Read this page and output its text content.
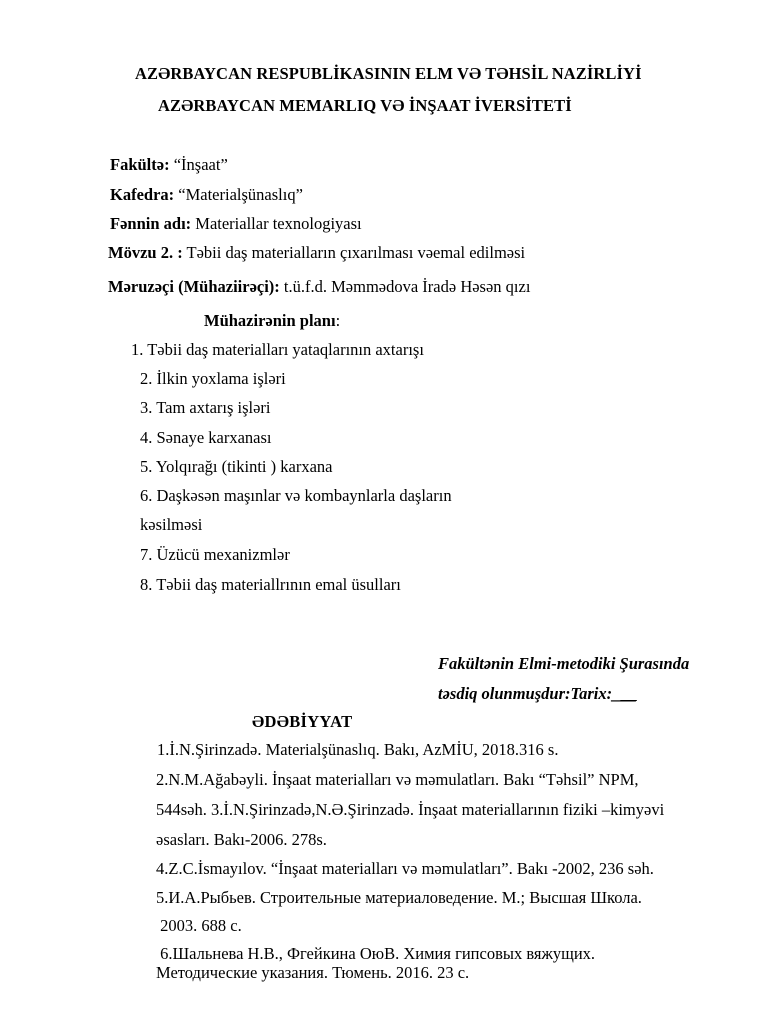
AZƏRBAYCAN RESPUBLİKASININ ELM VƏ TƏHSİL NAZİRLİYİ
AZƏRBAYCAN MEMARLIQ VƏ İNŞAAT İVERSİTETİ
Fakültə: “İnşaat”
Kafedra: “Materialşünaslıq”
Fənnin adı: Materiallar texnologiyası
Mövzu 2. : Təbii daş materialların çıxarılması vəemal edilməsi
Məruzəçi (Mühaziirəçi): t.ü.f.d. Məmmədova İradə Həsən qızı
Mühazirənin planı:
1. Təbii daş materialları yataqlarının axtarışı
2. İlkin yoxlama işləri
3. Tam axtarış işləri
4. Sənaye karxanası
5. Yolqırağı (tikinti ) karxana
6. Daşkəsən maşınlar və kombaynlarla daşların
kəsilməsi
7. Üzücü mexanizmlər
8. Təbii daş materiallrının emal üsulları
Fakültənin Elmi-metodiki Şurasında
təsdiq olunmuşdur:Tarix:___
ƏDƏBİYYAT
1.İ.N.Şirinzadə. Materialşünaslıq. Bakı, AzMİU, 2018.316 s.
2.N.M.Ağabəyli. İnşaat materialları və məmulatları. Bakı “Təhsil” NPM,
544səh. 3.İ.N.Şirinzadə,N.Ə.Şirinzadə. İnşaat materiallarının fiziki –kimyəvi
əsasları. Bakı-2006. 278s.
4.Z.C.İsmayılov. “İnşaat materialları və məmulatları”. Bakı -2002, 236 səh.
5.И.А.Рыбьев. Строительные материаловедение. М.; Высшая Школа.
2003. 688 с.
6.Шальнева Н.В., Фгейкина ОюВ. Химия гипсовых вяжущих.
Методические указания. Тюмень. 2016. 23 с.
